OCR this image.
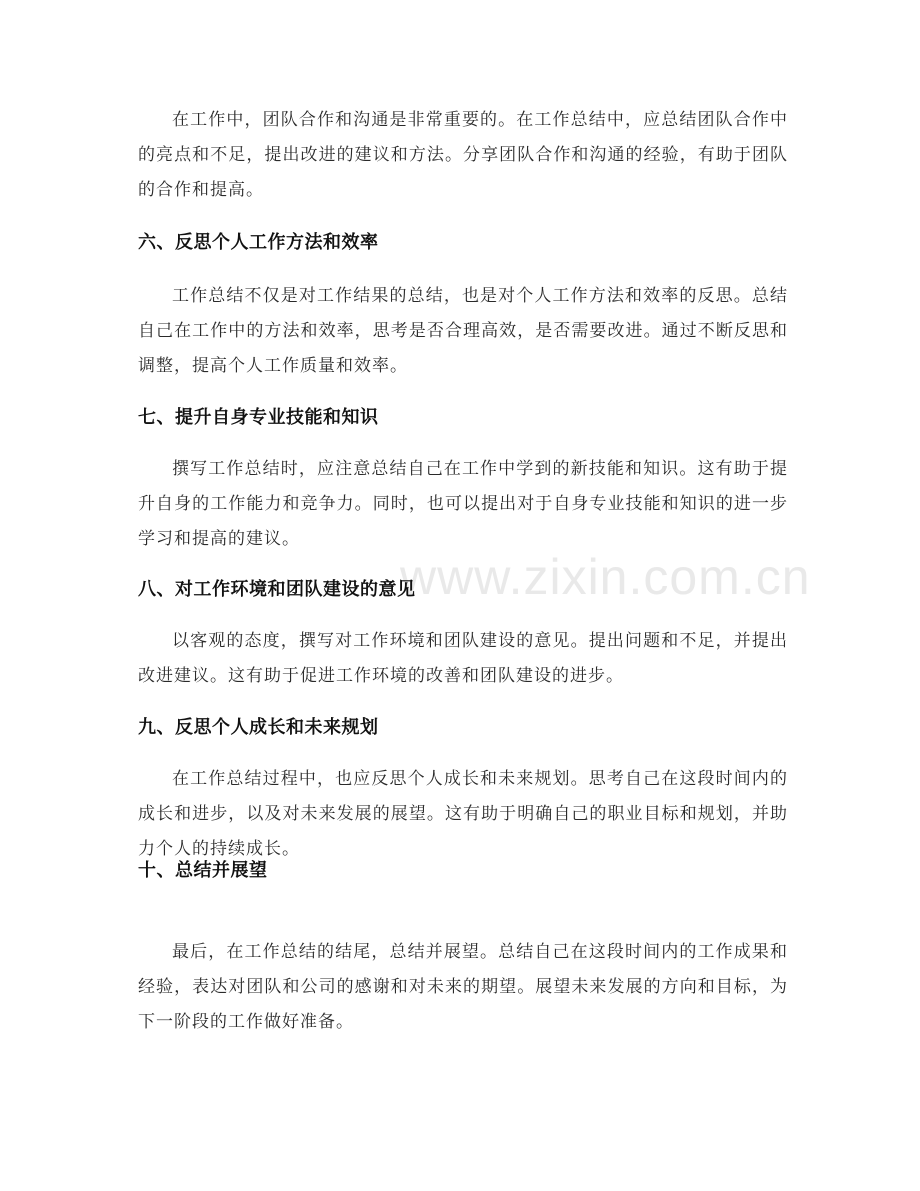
www.zixin.com.cn

在工作中，团队合作和沟通是非常重要的。在工作总结中，应总结团队合作中的亮点和不足，提出改进的建议和方法。分享团队合作和沟通的经验，有助于团队的合作和提高。

六、反思个人工作方法和效率

工作总结不仅是对工作结果的总结，也是对个人工作方法和效率的反思。总结自己在工作中的方法和效率，思考是否合理高效，是否需要改进。通过不断反思和调整，提高个人工作质量和效率。

七、提升自身专业技能和知识

撰写工作总结时，应注意总结自己在工作中学到的新技能和知识。这有助于提升自身的工作能力和竞争力。同时，也可以提出对于自身专业技能和知识的进一步学习和提高的建议。

八、对工作环境和团队建设的意见

以客观的态度，撰写对工作环境和团队建设的意见。提出问题和不足，并提出改进建议。这有助于促进工作环境的改善和团队建设的进步。

九、反思个人成长和未来规划

在工作总结过程中，也应反思个人成长和未来规划。思考自己在这段时间内的成长和进步，以及对未来发展的展望。这有助于明确自己的职业目标和规划，并助力个人的持续成长。

十、总结并展望

最后，在工作总结的结尾，总结并展望。总结自己在这段时间内的工作成果和经验，表达对团队和公司的感谢和对未来的期望。展望未来发展的方向和目标，为下一阶段的工作做好准备。
